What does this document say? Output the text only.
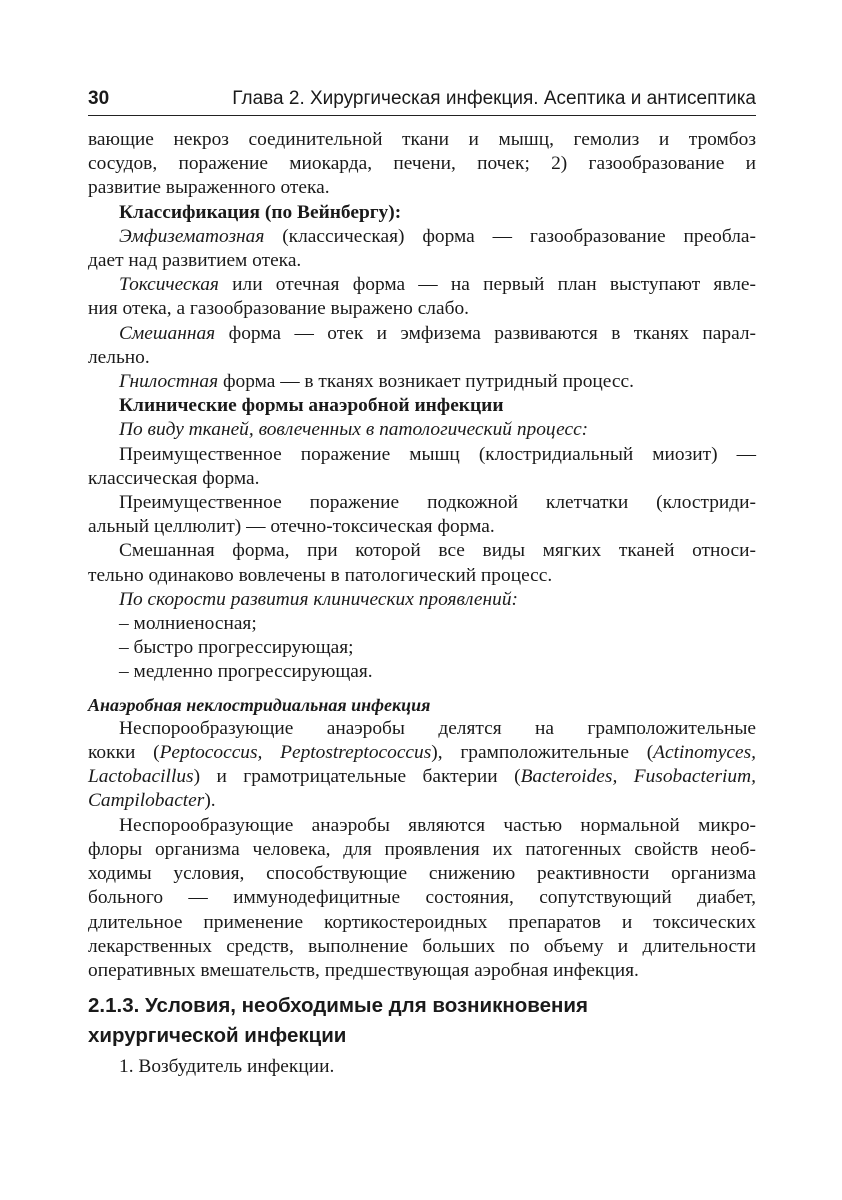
30	Глава 2. Хирургическая инфекция. Асептика и антисептика
вающие некроз соединительной ткани и мышц, гемолиз и тромбоз
сосудов, поражение миокарда, печени, почек; 2) газообразование и
развитие выраженного отека.
Классификация (по Вейнбергу):
Эмфизематозная (классическая) форма — газообразование преобла-
дает над развитием отека.
Токсическая или отечная форма — на первый план выступают явле-
ния отека, а газообразование выражено слабо.
Смешанная форма — отек и эмфизема развиваются в тканях парал-
лельно.
Гнилостная форма — в тканях возникает путридный процесс.
Клинические формы анаэробной инфекции
По виду тканей, вовлеченных в патологический процесс:
Преимущественное поражение мышц (клостридиальный миозит) —
классическая форма.
Преимущественное поражение подкожной клетчатки (клостриди-
альный целлюлит) — отечно-токсическая форма.
Смешанная форма, при которой все виды мягких тканей относи-
тельно одинаково вовлечены в патологический процесс.
По скорости развития клинических проявлений:
– молниеносная;
– быстро прогрессирующая;
– медленно прогрессирующая.
Анаэробная неклостридиальная инфекция
Неспорообразующие анаэробы делятся на грамположительные
кокки (Peptococcus, Peptostreptococcus), грамположительные (Actinomyces,
Lactobacillus) и грамотрицательные бактерии (Bacteroides, Fusobacterium,
Campilobacter).
Неспорообразующие анаэробы являются частью нормальной микро-
флоры организма человека, для проявления их патогенных свойств необ-
ходимы условия, способствующие снижению реактивности организма
больного — иммунодефицитные состояния, сопутствующий диабет,
длительное применение кортикостероидных препаратов и токсических
лекарственных средств, выполнение больших по объему и длительности
оперативных вмешательств, предшествующая аэробная инфекция.
2.1.3. Условия, необходимые для возникновения
хирургической инфекции
1. Возбудитель инфекции.
